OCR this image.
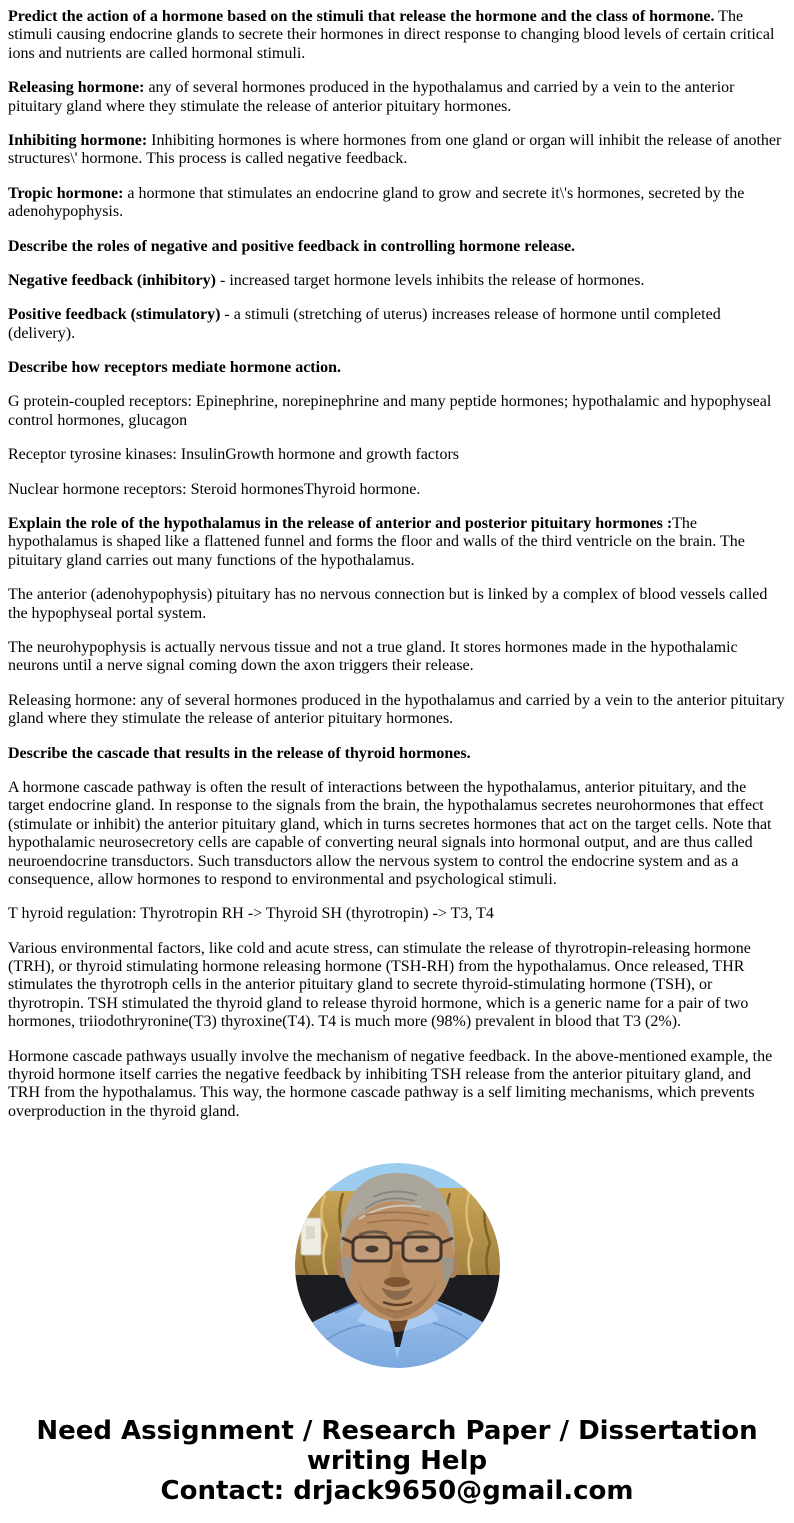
Predict the action of a hormone based on the stimuli that release the hormone and the class of hormone. The stimuli causing endocrine glands to secrete their hormones in direct response to changing blood levels of certain critical ions and nutrients are called hormonal stimuli.

Releasing hormone: any of several hormones produced in the hypothalamus and carried by a vein to the anterior pituitary gland where they stimulate the release of anterior pituitary hormones.

Inhibiting hormone: Inhibiting hormones is where hormones from one gland or organ will inhibit the release of another structures\' hormone. This process is called negative feedback.

Tropic hormone: a hormone that stimulates an endocrine gland to grow and secrete it\'s hormones, secreted by the adenohypophysis.

Describe the roles of negative and positive feedback in controlling hormone release.

Negative feedback (inhibitory) - increased target hormone levels inhibits the release of hormones.

Positive feedback (stimulatory) - a stimuli (stretching of uterus) increases release of hormone until completed (delivery).

Describe how receptors mediate hormone action.

G protein-coupled receptors: Epinephrine, norepinephrine and many peptide hormones; hypothalamic and hypophyseal control hormones, glucagon

Receptor tyrosine kinases: InsulinGrowth hormone and growth factors

Nuclear hormone receptors: Steroid hormonesThyroid hormone.

Explain the role of the hypothalamus in the release of anterior and posterior pituitary hormones :The hypothalamus is shaped like a flattened funnel and forms the floor and walls of the third ventricle on the brain. The pituitary gland carries out many functions of the hypothalamus.

The anterior (adenohypophysis) pituitary has no nervous connection but is linked by a complex of blood vessels called the hypophyseal portal system.

The neurohypophysis is actually nervous tissue and not a true gland. It stores hormones made in the hypothalamic neurons until a nerve signal coming down the axon triggers their release.

Releasing hormone: any of several hormones produced in the hypothalamus and carried by a vein to the anterior pituitary gland where they stimulate the release of anterior pituitary hormones.

Describe the cascade that results in the release of thyroid hormones.

A hormone cascade pathway is often the result of interactions between the hypothalamus, anterior pituitary, and the target endocrine gland. In response to the signals from the brain, the hypothalamus secretes neurohormones that effect (stimulate or inhibit) the anterior pituitary gland, which in turns secretes hormones that act on the target cells. Note that hypothalamic neurosecretory cells are capable of converting neural signals into hormonal output, and are thus called neuroendocrine transductors. Such transductors allow the nervous system to control the endocrine system and as a consequence, allow hormones to respond to environmental and psychological stimuli.

T hyroid regulation: Thyrotropin RH -> Thyroid SH (thyrotropin) -> T3, T4

Various environmental factors, like cold and acute stress, can stimulate the release of thyrotropin-releasing hormone (TRH), or thyroid stimulating hormone releasing hormone (TSH-RH) from the hypothalamus. Once released, THR stimulates the thyrotroph cells in the anterior pituitary gland to secrete thyroid-stimulating hormone (TSH), or thyrotropin. TSH stimulated the thyroid gland to release thyroid hormone, which is a generic name for a pair of two hormones, triiodothryronine(T3) thyroxine(T4). T4 is much more (98%) prevalent in blood that T3 (2%).

Hormone cascade pathways usually involve the mechanism of negative feedback. In the above-mentioned example, the thyroid hormone itself carries the negative feedback by inhibiting TSH release from the anterior pituitary gland, and TRH from the hypothalamus. This way, the hormone cascade pathway is a self limiting mechanisms, which prevents overproduction in the thyroid gland.

Need Assignment / Research Paper / Dissertation
writing Help
Contact: drjack9650@gmail.com
